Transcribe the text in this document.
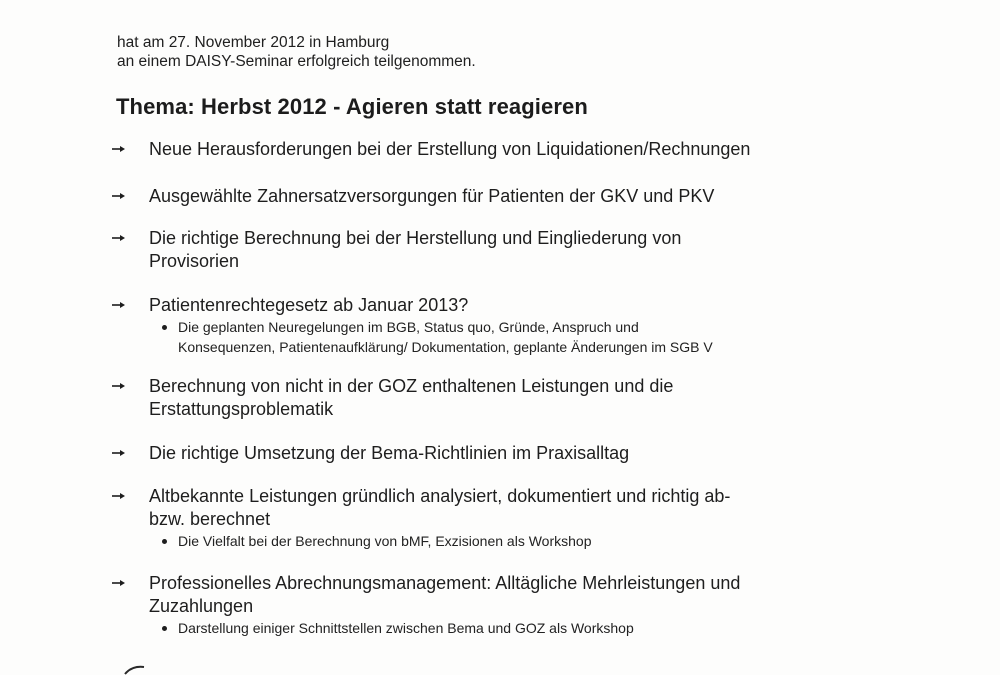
hat am 27. November 2012 in Hamburg
an einem DAISY-Seminar erfolgreich teilgenommen.
Thema: Herbst 2012 - Agieren statt reagieren
Neue Herausforderungen bei der Erstellung von Liquidationen/Rechnungen
Ausgewählte Zahnersatzversorgungen für Patienten der GKV und PKV
Die richtige Berechnung bei der Herstellung und Eingliederung von
Provisorien
Patientenrechtegesetz ab Januar 2013?
Die geplanten Neuregelungen im BGB, Status quo, Gründe, Anspruch und
Konsequenzen, Patientenaufklärung/ Dokumentation, geplante Änderungen im SGB V
Berechnung von nicht in der GOZ enthaltenen Leistungen und die
Erstattungsproblematik
Die richtige Umsetzung der Bema-Richtlinien im Praxisalltag
Altbekannte Leistungen gründlich analysiert, dokumentiert und richtig ab-
bzw. berechnet
Die Vielfalt bei der Berechnung von bMF, Exzisionen als Workshop
Professionelles Abrechnungsmanagement: Alltägliche Mehrleistungen und
Zuzahlungen
Darstellung einiger Schnittstellen zwischen Bema und GOZ als Workshop
